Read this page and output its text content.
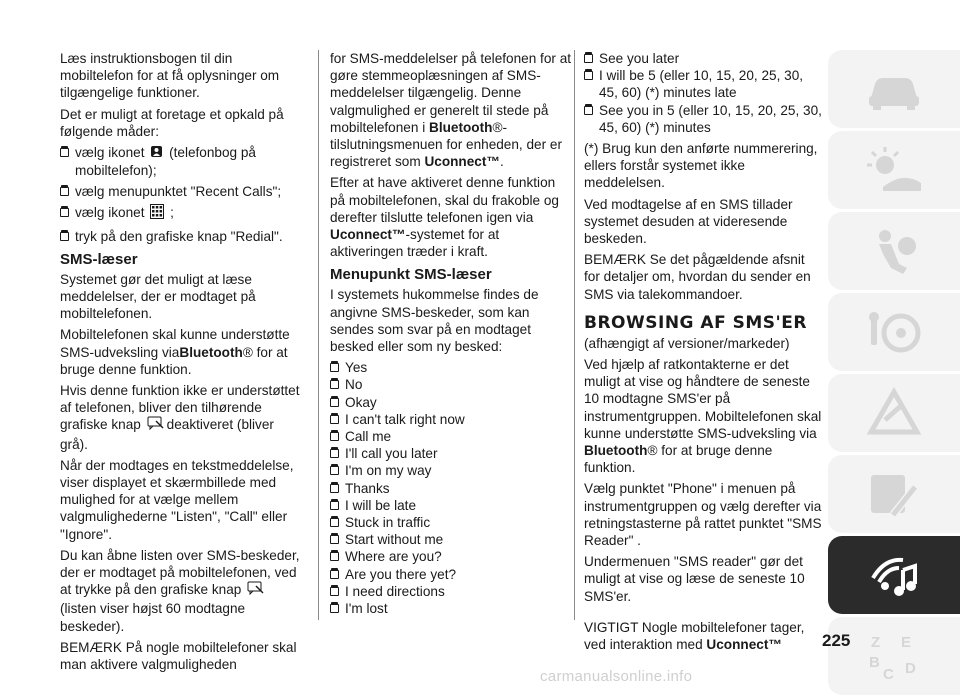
Læs instruktionsbogen til din mobiltelefon for at få oplysninger om tilgængelige funktioner.

Det er muligt at foretage et opkald på følgende måder:

vælg ikonet (telefonbog på mobiltelefon);

vælg menupunktet "Recent Calls";

vælg ikonet ;

tryk på den grafiske knap "Redial".

SMS-læser

Systemet gør det muligt at læse meddelelser, der er modtaget på mobiltelefonen.

Mobiltelefonen skal kunne understøtte SMS-udveksling viaBluetooth® for at bruge denne funktion.

Hvis denne funktion ikke er understøttet af telefonen, bliver den tilhørende grafiske knap deaktiveret (bliver grå).

Når der modtages en tekstmeddelelse, viser displayet et skærmbillede med mulighed for at vælge mellem valgmulighederne "Listen", "Call" eller "Ignore".

Du kan åbne listen over SMS-beskeder, der er modtaget på mobiltelefonen, ved at trykke på den grafiske knap (listen viser højst 60 modtagne beskeder).

BEMÆRK På nogle mobiltelefoner skal man aktivere valgmuligheden

for SMS-meddelelser på telefonen for at gøre stemmeoplæsningen af SMS-meddelelser tilgængelig. Denne valgmulighed er generelt til stede på mobiltelefonen i Bluetooth®-tilslutningsmenuen for enheden, der er registreret som Uconnect™.

Efter at have aktiveret denne funktion på mobiltelefonen, skal du frakoble og derefter tilslutte telefonen igen via Uconnect™-systemet for at aktiveringen træder i kraft.

Menupunkt SMS-læser

I systemets hukommelse findes de angivne SMS-beskeder, som kan sendes som svar på en modtaget besked eller som ny besked:

Yes
No
Okay
I can't talk right now
Call me
I'll call you later
I'm on my way
Thanks
I will be late
Stuck in traffic
Start without me
Where are you?
Are you there yet?
I need directions
I'm lost
See you later
I will be 5 (eller 10, 15, 20, 25, 30, 45, 60) (*) minutes late
See you in 5 (eller 10, 15, 20, 25, 30, 45, 60) (*) minutes

(*) Brug kun den anførte nummerering, ellers forstår systemet ikke meddelelsen.

Ved modtagelse af en SMS tillader systemet desuden at videresende beskeden.

BEMÆRK Se det pågældende afsnit for detaljer om, hvordan du sender en SMS via talekommandoer.

BROWSING AF SMS'ER

(afhængigt af versioner/markeder)

Ved hjælp af ratkontakterne er det muligt at vise og håndtere de seneste 10 modtagne SMS'er på instrumentgruppen. Mobiltelefonen skal kunne understøtte SMS-udveksling via Bluetooth® for at bruge denne funktion.

Vælg punktet "Phone" i menuen på instrumentgruppen og vælg derefter via retningstasterne på rattet punktet "SMS Reader" .

Undermenuen "SMS reader" gør det muligt at vise og læse de seneste 10 SMS'er.

VIGTIGT Nogle mobiltelefoner tager, ved interaktion med Uconnect™	Z E
B
C D
225
carmanualsonline.info
